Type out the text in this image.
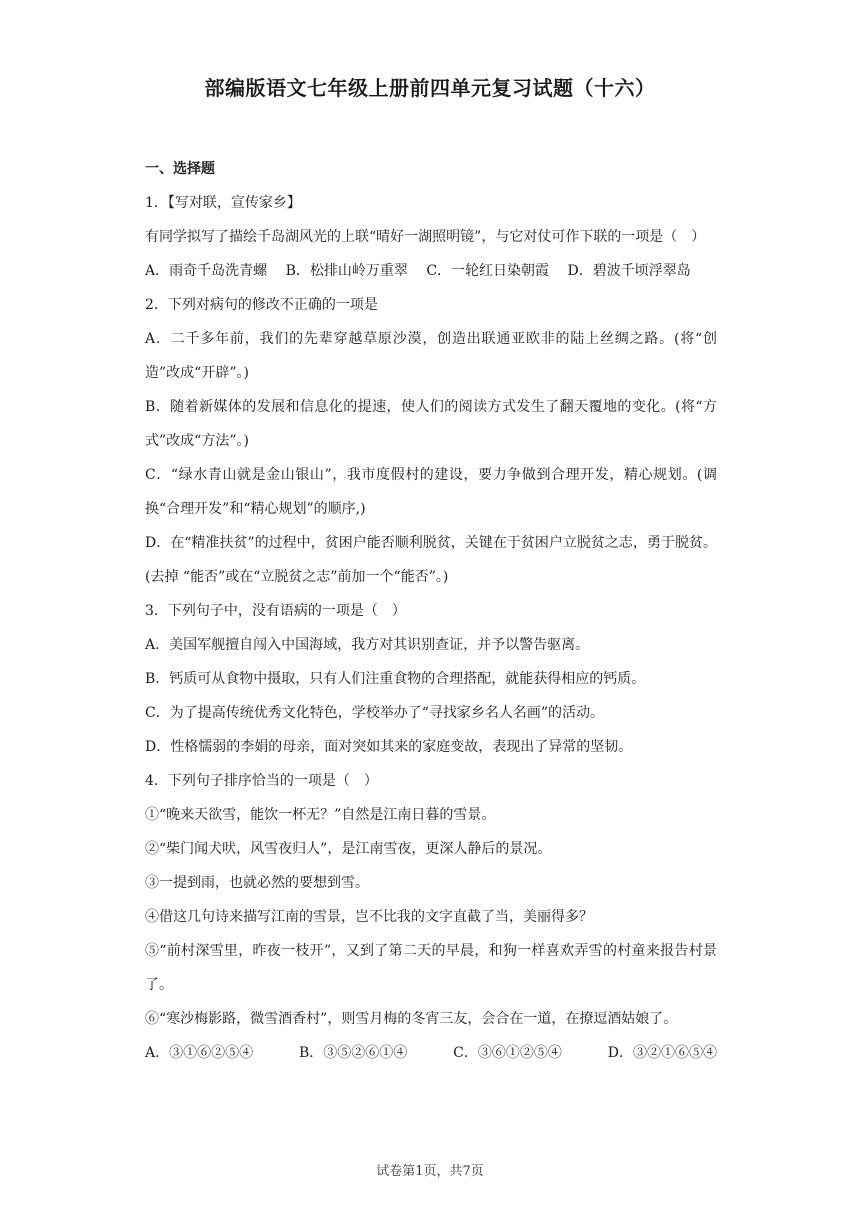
部编版语文七年级上册前四单元复习试题（十六）
一、选择题
1．【写对联，宣传家乡】
有同学拟写了描绘千岛湖风光的上联“晴好一湖照明镜”，与它对仗可作下联的一项是（　）
A．雨奇千岛洗青螺　 B．松排山岭万重翠　 C．一轮红日染朝霞　 D．碧波千顷浮翠岛
2．下列对病句的修改不正确的一项是
A．二千多年前，我们的先辈穿越草原沙漠，创造出联通亚欧非的陆上丝绸之路。(将“创造”改成“开辟”。)
B．随着新媒体的发展和信息化的提速，使人们的阅读方式发生了翻天覆地的变化。(将“方式”改成“方法”。)
C．“绿水青山就是金山银山”，我市度假村的建设，要力争做到合理开发，精心规划。(调换“合理开发”和“精心规划”的顺序,)
D．在“精准扶贫”的过程中，贫困户能否顺利脱贫，关键在于贫困户立脱贫之志，勇于脱贫。(去掉 “能否”或在“立脱贫之志”前加一个“能否”。)
3．下列句子中，没有语病的一项是（　）
A．美国军舰擅自闯入中国海域，我方对其识别查证，并予以警告驱离。
B．钙质可从食物中摄取，只有人们注重食物的合理搭配，就能获得相应的钙质。
C．为了提高传统优秀文化特色，学校举办了“寻找家乡名人名画”的活动。
D．性格懦弱的李娟的母亲，面对突如其来的家庭变故，表现出了异常的坚韧。
4．下列句子排序恰当的一项是（　）
①“晚来天欲雪，能饮一杯无？”自然是江南日暮的雪景。
②“柴门闻犬吠，风雪夜归人”，是江南雪夜，更深人静后的景况。
③一提到雨，也就必然的要想到雪。
④借这几句诗来描写江南的雪景，岂不比我的文字直截了当，美丽得多？
⑤“前村深雪里，昨夜一枝开”，又到了第二天的早晨，和狗一样喜欢弄雪的村童来报告村景了。
⑥“寒沙梅影路，微雪酒香村”，则雪月梅的冬宵三友，会合在一道，在撩逗酒姑娘了。
A．③①⑥②⑤④	B．③⑤②⑥①④	C．③⑥①②⑤④	D．③②①⑥⑤④
试卷第1页，共7页
